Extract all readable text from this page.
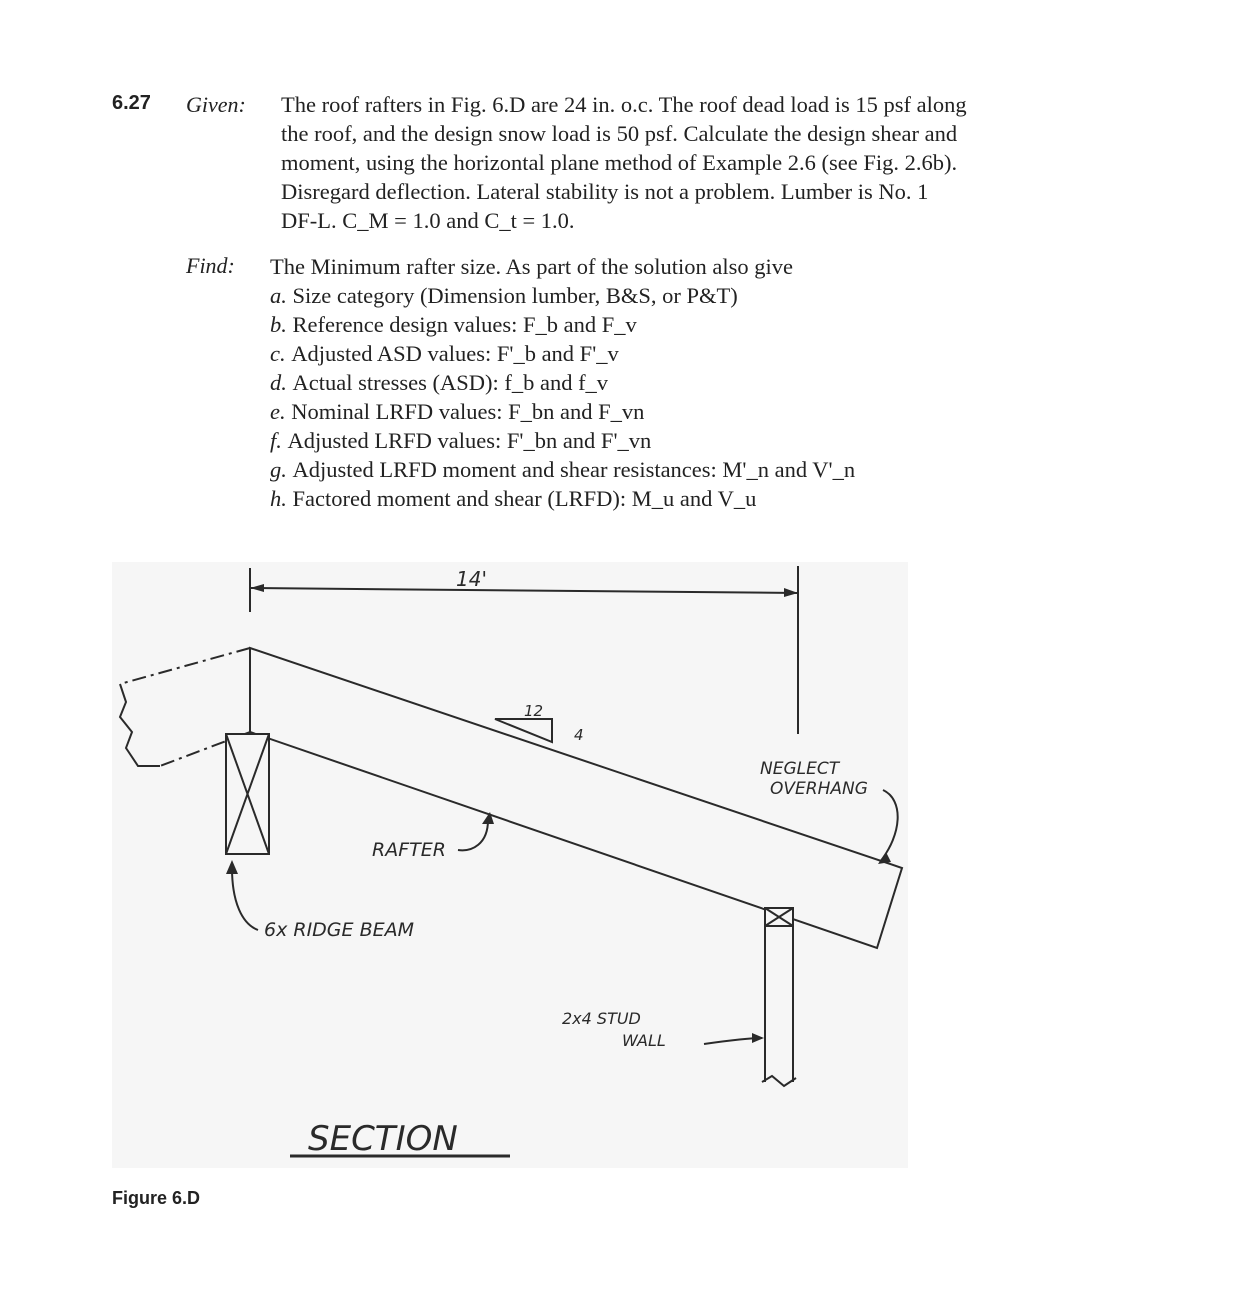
6.27 Given: The roof rafters in Fig. 6.D are 24 in. o.c. The roof dead load is 15 psf along
the roof, and the design snow load is 50 psf. Calculate the design shear and
moment, using the horizontal plane method of Example 2.6 (see Fig. 2.6b).
Disregard deflection. Lateral stability is not a problem. Lumber is No. 1
DF-L. C_M = 1.0 and C_t = 1.0.
Find: The Minimum rafter size. As part of the solution also give
a. Size category (Dimension lumber, B&S, or P&T)
b. Reference design values: F_b and F_v
c. Adjusted ASD values: F'_b and F'_v
d. Actual stresses (ASD): f_b and f_v
e. Nominal LRFD values: F_bn and F_vn
f. Adjusted LRFD values: F'_bn and F'_vn
g. Adjusted LRFD moment and shear resistances: M'_n and V'_n
h. Factored moment and shear (LRFD): M_u and V_u
14'
12
4
RAFTER
NEGLECT
OVERHANG
6x RIDGE BEAM
2x4 STUD
WALL
SECTION
Figure 6.D
